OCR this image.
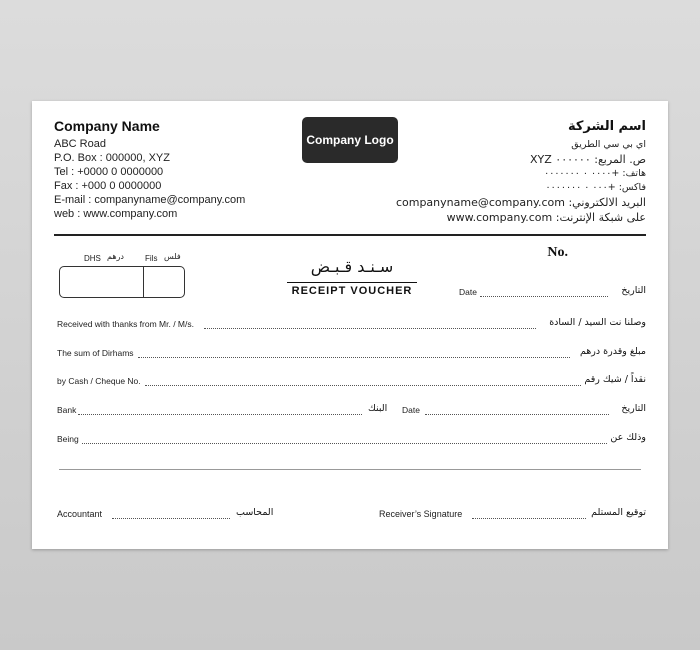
Company Name
ABC Road
P.O. Box : 000000, XYZ
Tel : +0000 0 0000000
Fax : +000 0 0000000
E-mail : companyname@company.com
web : www.company.com
Company Logo
اسم الشركة
اي بي سي الطريق
ص. المربع: ٠٠٠٠٠٠ XYZ
هاتف: +٠٠٠٠ ٠ ٠٠٠٠٠٠٠
فاكس: +٠٠٠ ٠ ٠٠٠٠٠٠٠
البريد الالكتروني: companyname@company.com
على شبكة الإنترنت: www.company.com
No.
DHS درهم	Fils فلس
سـنـد قـبـض
RECEIPT VOUCHER	Date	التاريخ
Received with thanks from Mr. / M/s.	وصلنا نت السيد / السادة
The sum of Dirhams	مبلغ وقدرة درهم
by Cash / Cheque No.	نقداً / شيك رقم
Bank	البنك Date	التاريخ
Being	وذلك عن
Accountant	المحاسب	Receiver’s Signature	توقيع المستلم
